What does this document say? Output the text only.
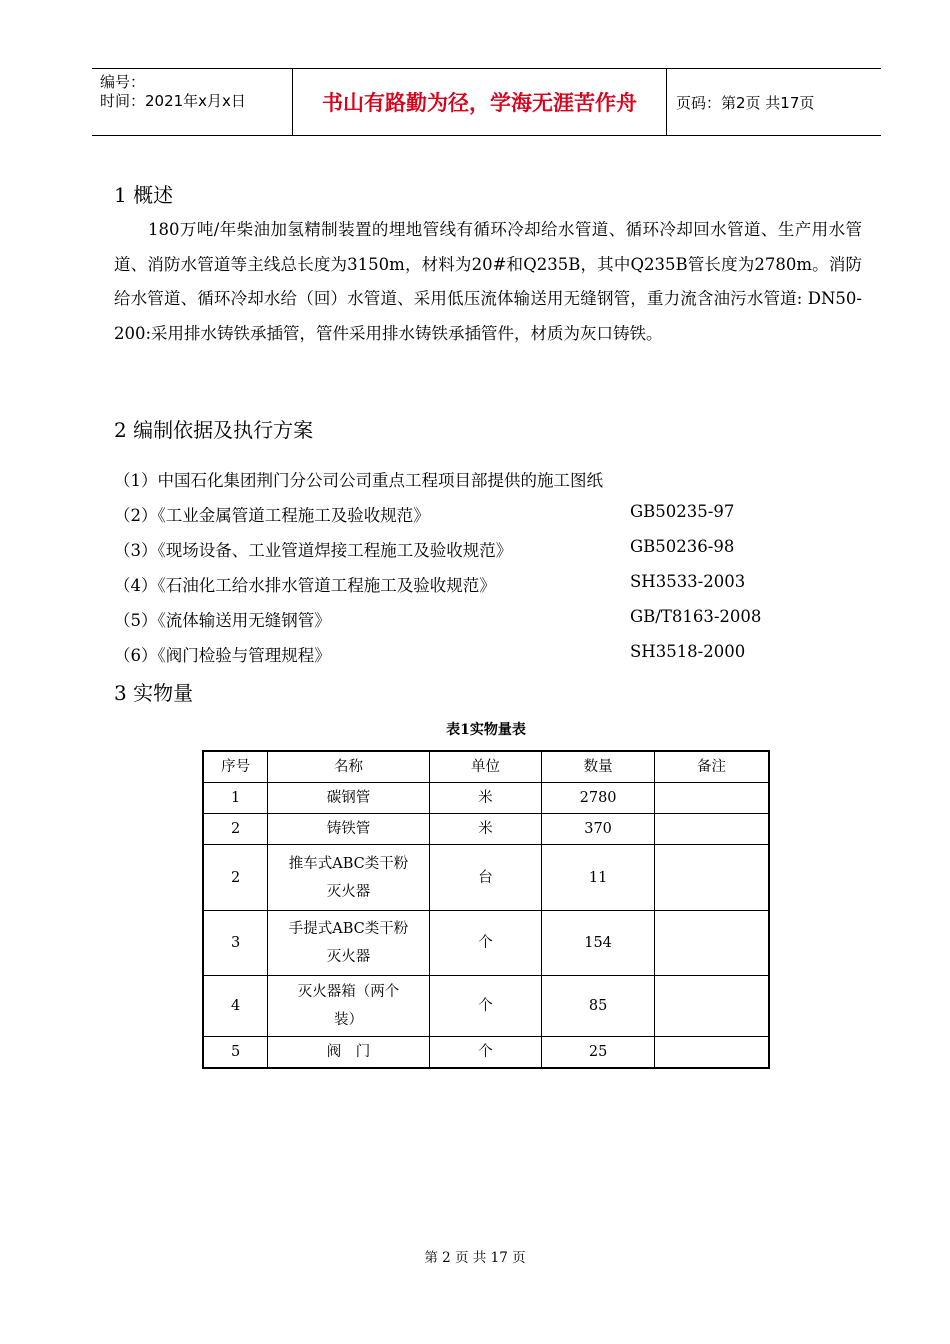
编号：
时间：2021年x月x日	书山有路勤为径，学海无涯苦作舟	页码：第2页 共17页
1 概述

180万吨/年柴油加氢精制装置的埋地管线有循环冷却给水管道、循环冷却回水管道、生产用水管道、消防水管道等主线总长度为3150m，材料为20#和Q235B，其中Q235B管长度为2780m。消防给水管道、循环冷却水给（回）水管道、采用低压流体输送用无缝钢管，重力流含油污水管道: DN50-200:采用排水铸铁承插管，管件采用排水铸铁承插管件，材质为灰口铸铁。

2 编制依据及执行方案
（1）中国石化集团荆门分公司公司重点工程项目部提供的施工图纸
（2）《工业金属管道工程施工及验收规范》	GB50235-97
（3）《现场设备、工业管道焊接工程施工及验收规范》	GB50236-98
（4）《石油化工给水排水管道工程施工及验收规范》	SH3533-2003
（5）《流体输送用无缝钢管》	GB/T8163-2008
（6）《阀门检验与管理规程》	SH3518-2000
3 实物量
表1实物量表
序号	名称	单位	数量	备注
1	碳钢管	米	2780	
2	铸铁管	米	370	
2	推车式ABC类干粉
灭火器	台	11	
3	手提式ABC类干粉
灭火器	个	154	
4	灭火器箱（两个
装）	个	85	
5	阀　门	个	25	
第 2 页 共 17 页
